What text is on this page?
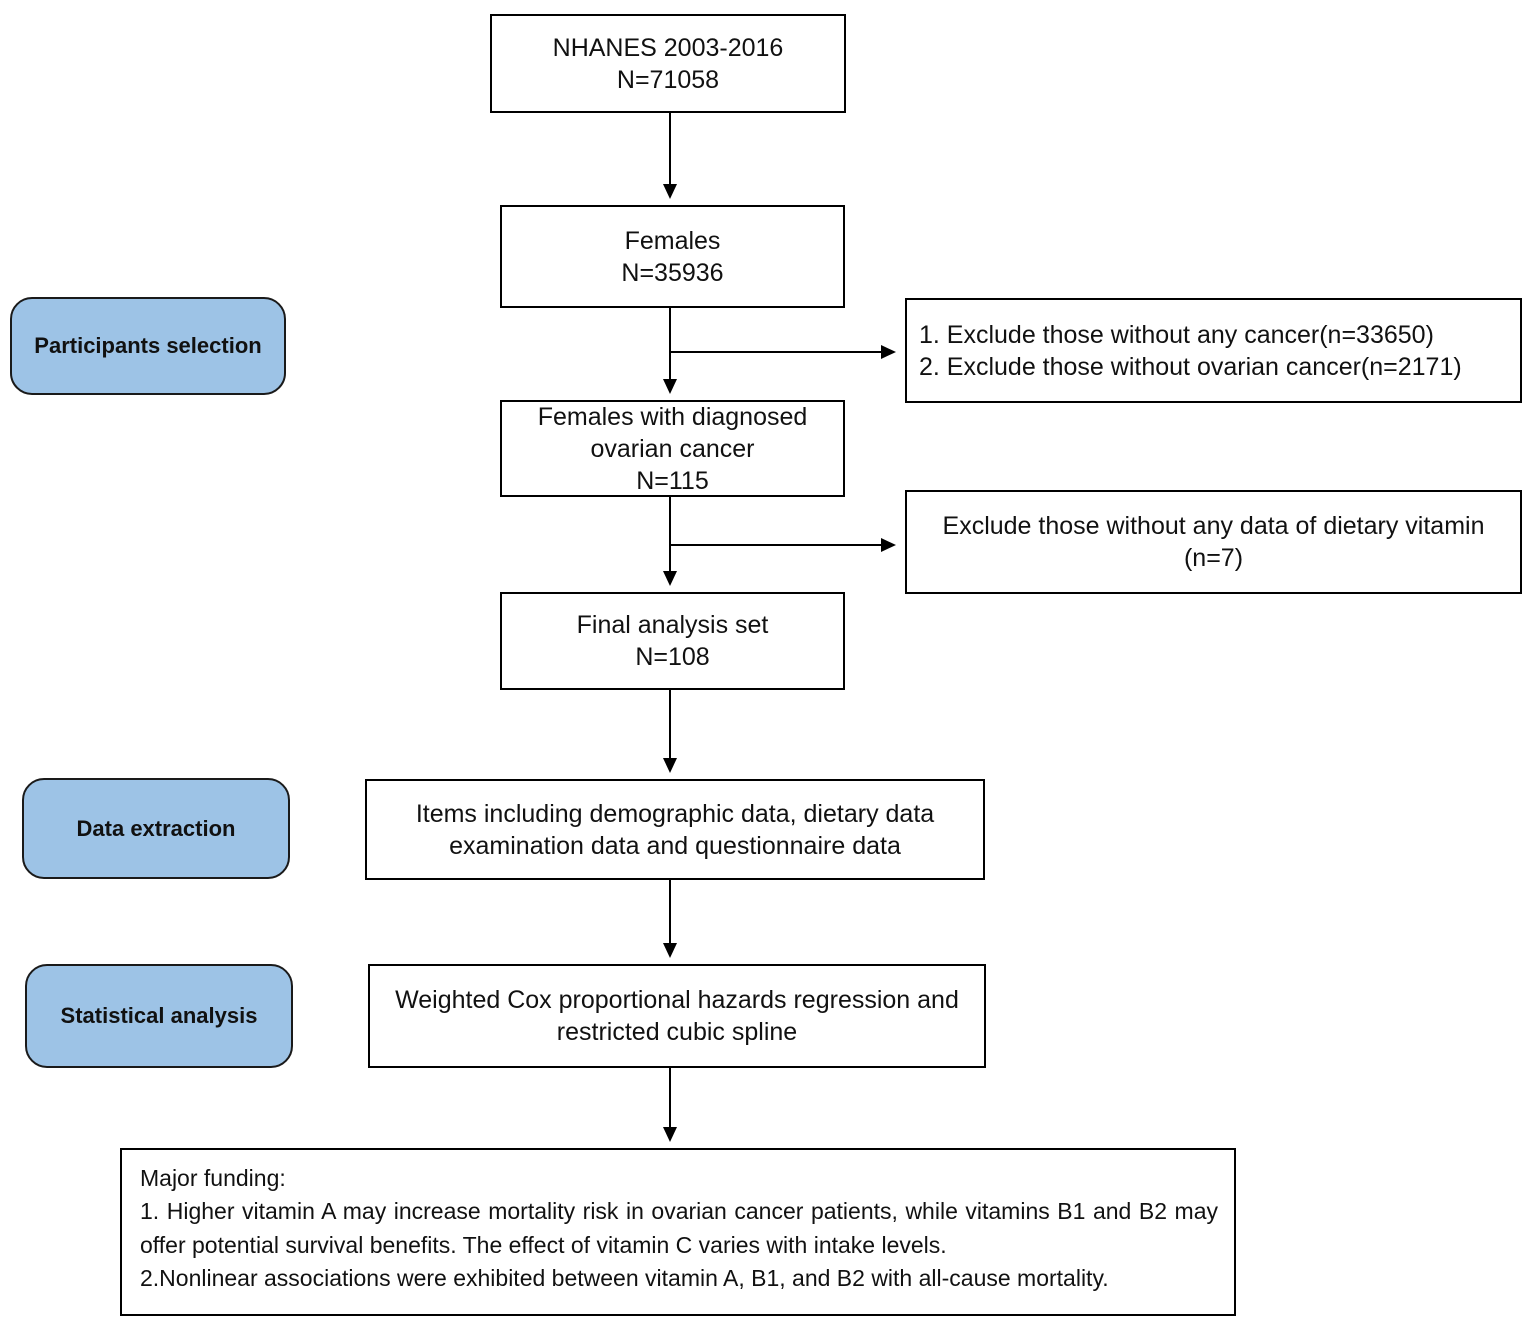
Participants selection
Data extraction
Statistical analysis
NHANES 2003-2016
N=71058
Females
N=35936
1. Exclude those without any cancer(n=33650)
2. Exclude those without ovarian cancer(n=2171)
Females with diagnosed
ovarian cancer
N=115
Exclude those without any data of dietary vitamin
(n=7)
Final analysis set
N=108
Items including demographic data, dietary data
examination data and questionnaire data
Weighted Cox proportional hazards regression and
restricted cubic spline
Major funding:
1. Higher vitamin A may increase mortality risk in ovarian cancer patients, while vitamins B1 and B2 may offer potential survival benefits. The effect of vitamin C varies with intake levels.
2.Nonlinear associations were exhibited between vitamin A, B1, and B2 with all-cause mortality.
